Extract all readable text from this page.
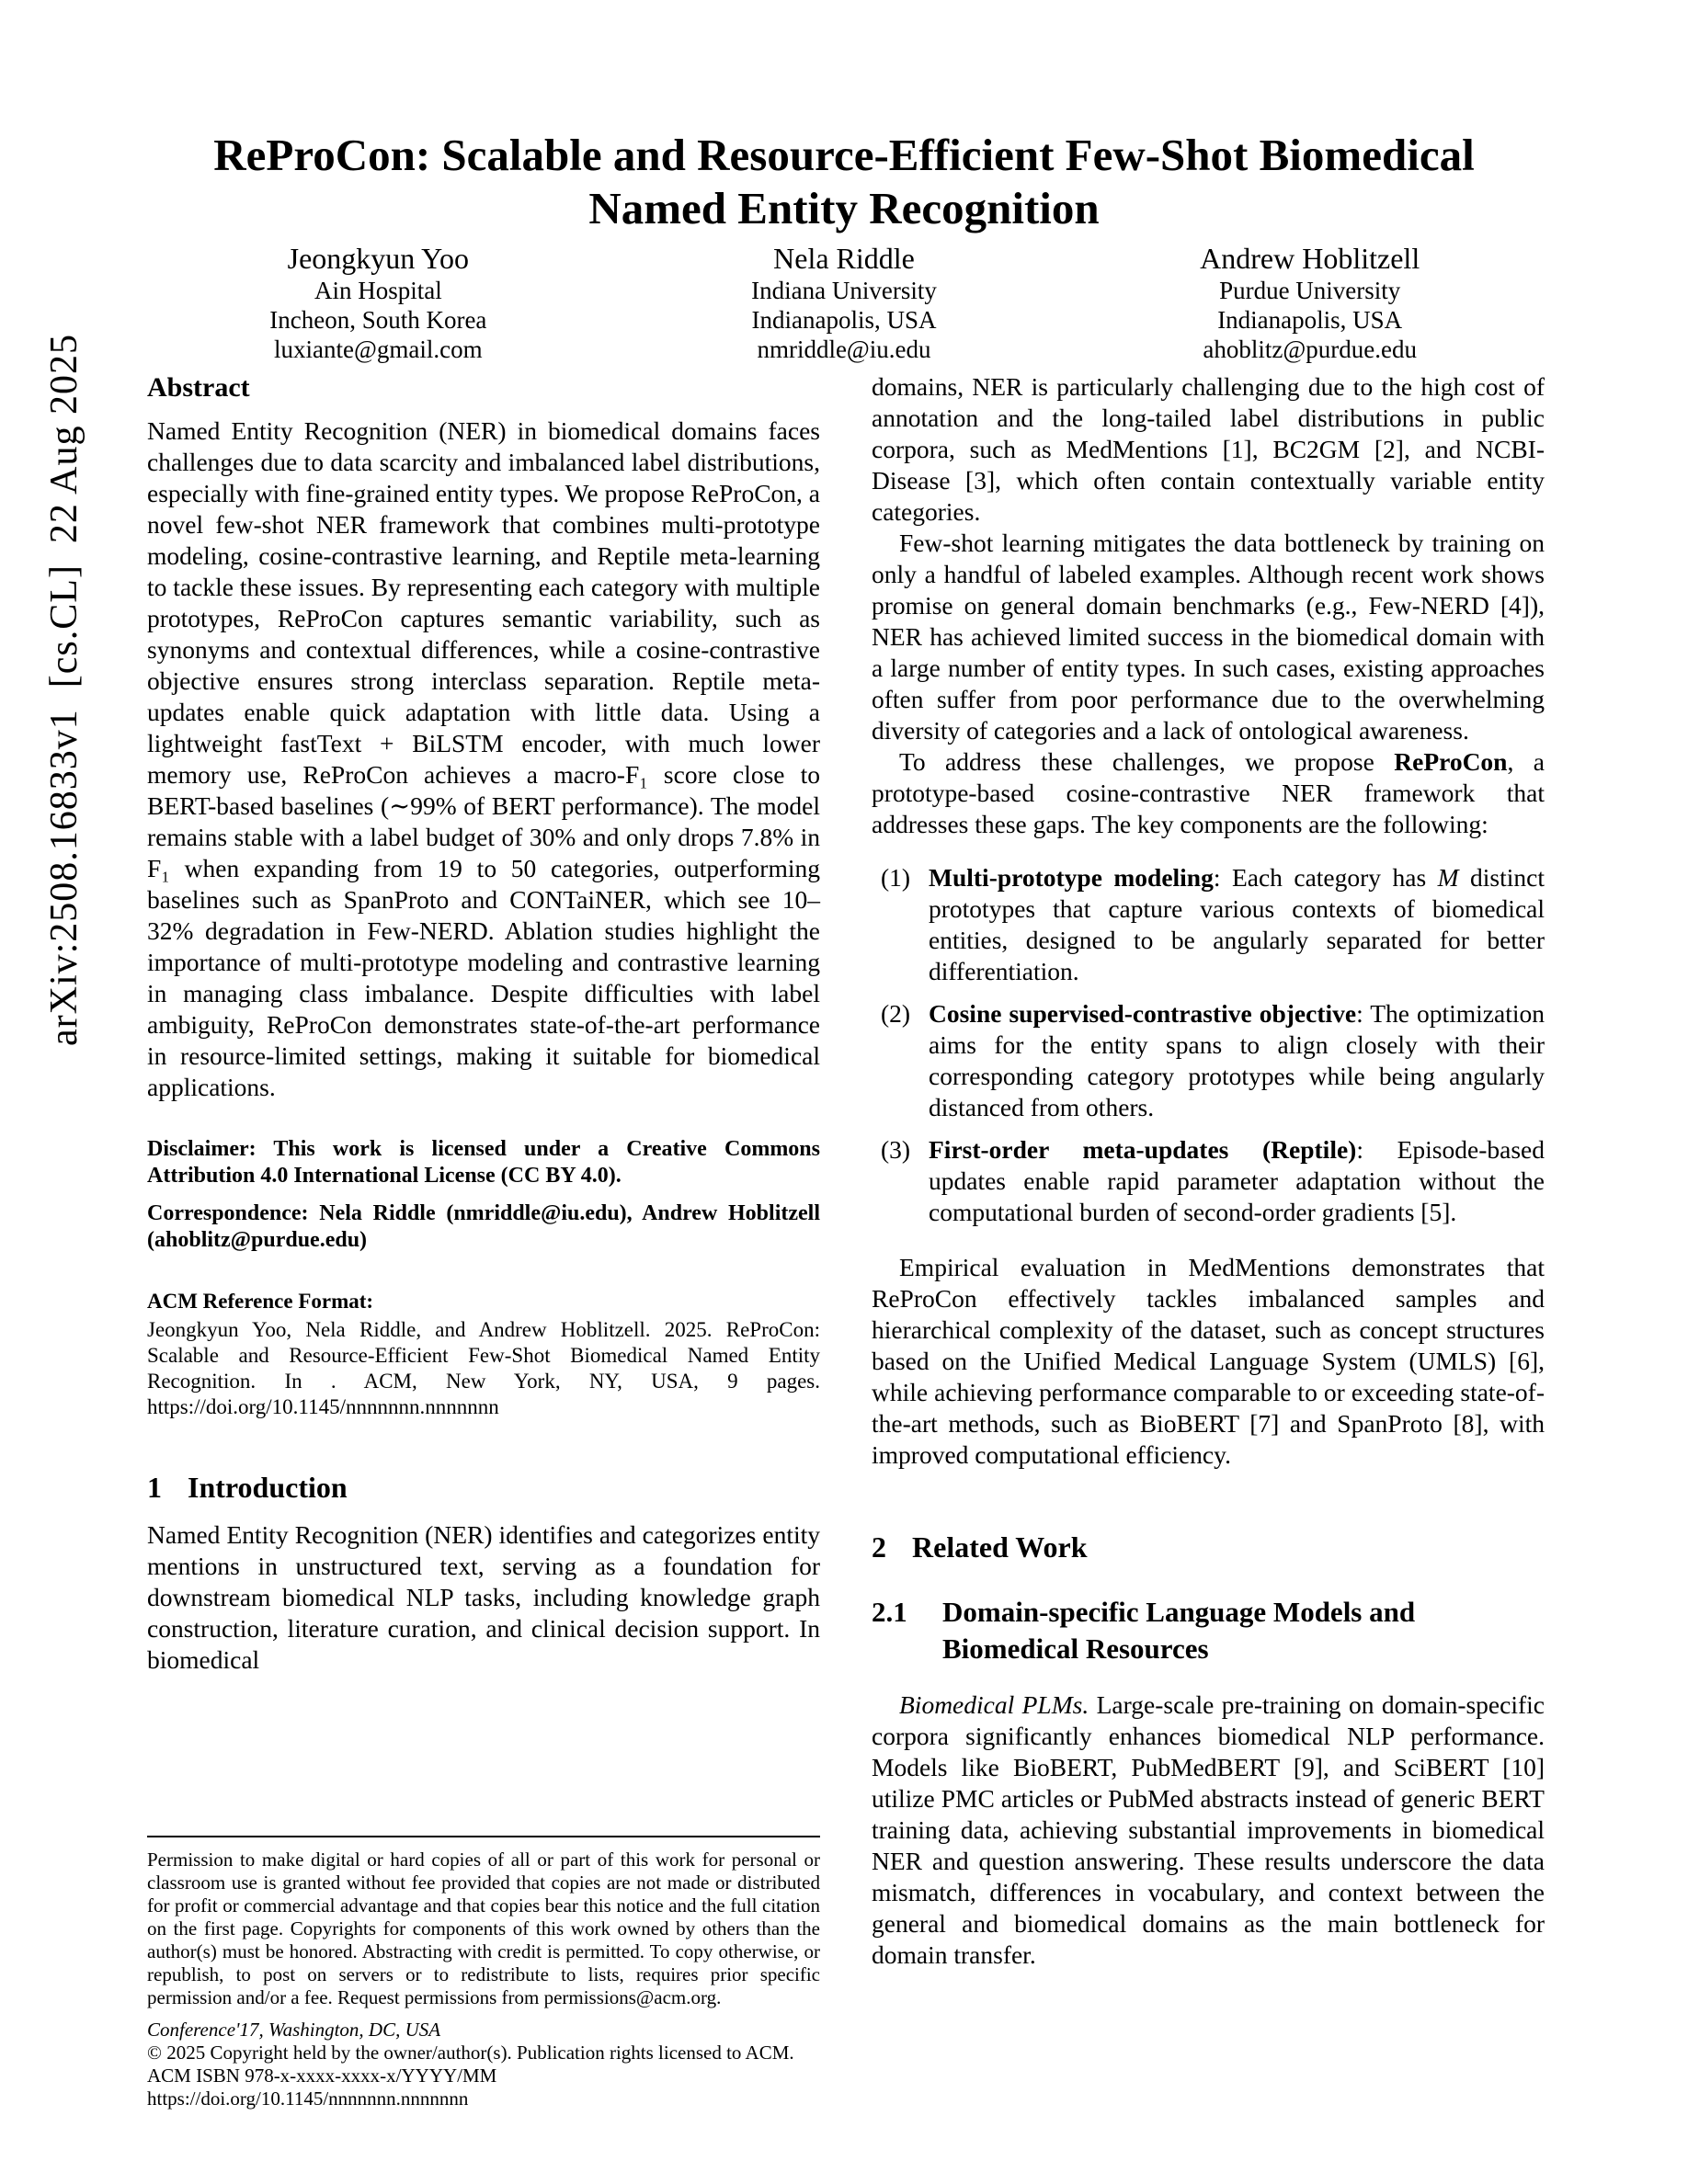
arXiv:2508.16833v1  [cs.CL]  22 Aug 2025
ReProCon: Scalable and Resource-Efficient Few-Shot Biomedical
Named Entity Recognition
Jeongkyun Yoo
Ain Hospital
Incheon, South Korea
luxiante@gmail.com
Nela Riddle
Indiana University
Indianapolis, USA
nmriddle@iu.edu
Andrew Hoblitzell
Purdue University
Indianapolis, USA
ahoblitz@purdue.edu
Abstract

Named Entity Recognition (NER) in biomedical domains faces challenges due to data scarcity and imbalanced label distributions, especially with fine-grained entity types. We propose ReProCon, a novel few-shot NER framework that combines multi-prototype modeling, cosine-contrastive learning, and Reptile meta-learning to tackle these issues. By representing each category with multiple prototypes, ReProCon captures semantic variability, such as synonyms and contextual differences, while a cosine-contrastive objective ensures strong interclass separation. Reptile meta-updates enable quick adaptation with little data. Using a lightweight fastText + BiLSTM encoder, with much lower memory use, ReProCon achieves a macro-F₁ score close to BERT-based baselines (∼99% of BERT performance). The model remains stable with a label budget of 30% and only drops 7.8% in F₁ when expanding from 19 to 50 categories, outperforming baselines such as SpanProto and CONTaiNER, which see 10–32% degradation in Few-NERD. Ablation studies highlight the importance of multi-prototype modeling and contrastive learning in managing class imbalance. Despite difficulties with label ambiguity, ReProCon demonstrates state-of-the-art performance in resource-limited settings, making it suitable for biomedical applications.

Disclaimer: This work is licensed under a Creative Commons Attribution 4.0 International License (CC BY 4.0).
Correspondence: Nela Riddle (nmriddle@iu.edu), Andrew Hoblitzell (ahoblitz@purdue.edu)
ACM Reference Format:
Jeongkyun Yoo, Nela Riddle, and Andrew Hoblitzell. 2025. ReProCon: Scalable and Resource-Efficient Few-Shot Biomedical Named Entity Recognition. In . ACM, New York, NY, USA, 9 pages. https://doi.org/10.1145/nnnnnnn.nnnnnnn
1 Introduction

Named Entity Recognition (NER) identifies and categorizes entity mentions in unstructured text, serving as a foundation for downstream biomedical NLP tasks, including knowledge graph construction, literature curation, and clinical decision support. In biomedical

Permission to make digital or hard copies of all or part of this work for personal or classroom use is granted without fee provided that copies are not made or distributed for profit or commercial advantage and that copies bear this notice and the full citation on the first page. Copyrights for components of this work owned by others than the author(s) must be honored. Abstracting with credit is permitted. To copy otherwise, or republish, to post on servers or to redistribute to lists, requires prior specific permission and/or a fee. Request permissions from permissions@acm.org.

Conference'17, Washington, DC, USA
© 2025 Copyright held by the owner/author(s). Publication rights licensed to ACM.
ACM ISBN 978-x-xxxx-xxxx-x/YYYY/MM
https://doi.org/10.1145/nnnnnnn.nnnnnnn

domains, NER is particularly challenging due to the high cost of annotation and the long-tailed label distributions in public corpora, such as MedMentions [1], BC2GM [2], and NCBI-Disease [3], which often contain contextually variable entity categories.

Few-shot learning mitigates the data bottleneck by training on only a handful of labeled examples. Although recent work shows promise on general domain benchmarks (e.g., Few-NERD [4]), NER has achieved limited success in the biomedical domain with a large number of entity types. In such cases, existing approaches often suffer from poor performance due to the overwhelming diversity of categories and a lack of ontological awareness.

To address these challenges, we propose ReProCon, a prototype-based cosine-contrastive NER framework that addresses these gaps. The key components are the following:

(1) Multi-prototype modeling: Each category has M distinct prototypes that capture various contexts of biomedical entities, designed to be angularly separated for better differentiation.
(2) Cosine supervised-contrastive objective: The optimization aims for the entity spans to align closely with their corresponding category prototypes while being angularly distanced from others.
(3) First-order meta-updates (Reptile): Episode-based updates enable rapid parameter adaptation without the computational burden of second-order gradients [5].

Empirical evaluation in MedMentions demonstrates that ReProCon effectively tackles imbalanced samples and hierarchical complexity of the dataset, such as concept structures based on the Unified Medical Language System (UMLS) [6], while achieving performance comparable to or exceeding state-of-the-art methods, such as BioBERT [7] and SpanProto [8], with improved computational efficiency.

2 Related Work
2.1	Domain-specific Language Models and Biomedical Resources

Biomedical PLMs. Large-scale pre-training on domain-specific corpora significantly enhances biomedical NLP performance. Models like BioBERT, PubMedBERT [9], and SciBERT [10] utilize PMC articles or PubMed abstracts instead of generic BERT training data, achieving substantial improvements in biomedical NER and question answering. These results underscore the data mismatch, differences in vocabulary, and context between the general and biomedical domains as the main bottleneck for domain transfer.
